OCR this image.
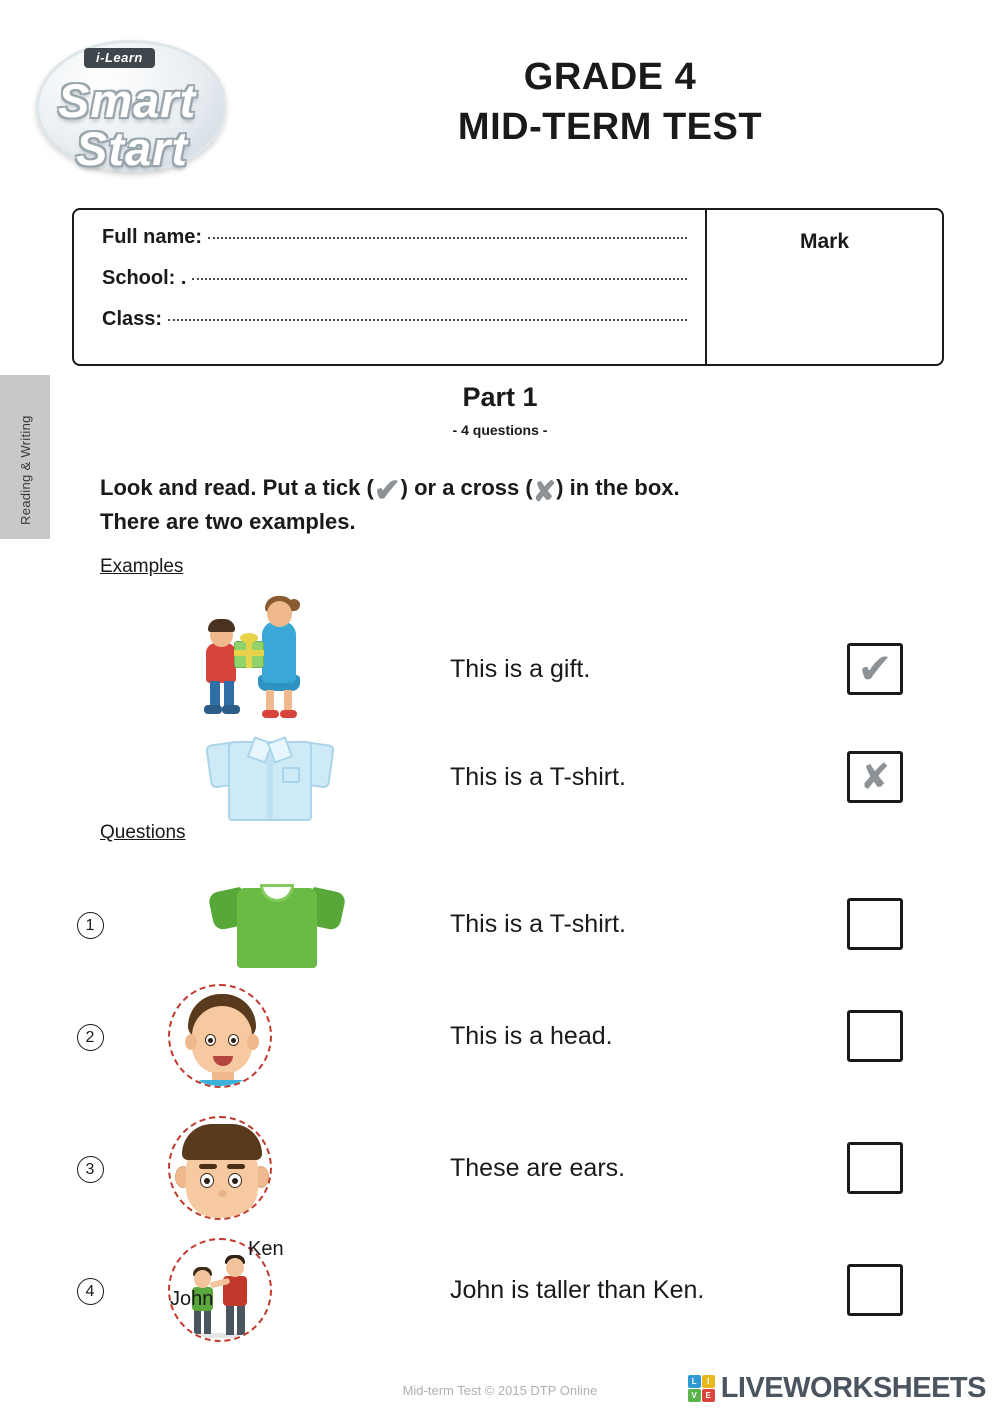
i-Learn
Smart
Start
GRADE 4
MID-TERM TEST
Full name:
School: .
Class:
Mark
Reading & Writing
Part 1
- 4 questions -
Look and read. Put a tick (✔) or a cross (✘) in the box.
There are two examples.
Examples
Questions
This is a gift.	✔
This is a T-shirt.	✘
1	This is a T-shirt.
2	This is a head.
3	These are ears.
4	John is taller than Ken.
Ken
John
Mid-term Test © 2015 DTP Online
L	I
V	E LIVEWORKSHEETS
